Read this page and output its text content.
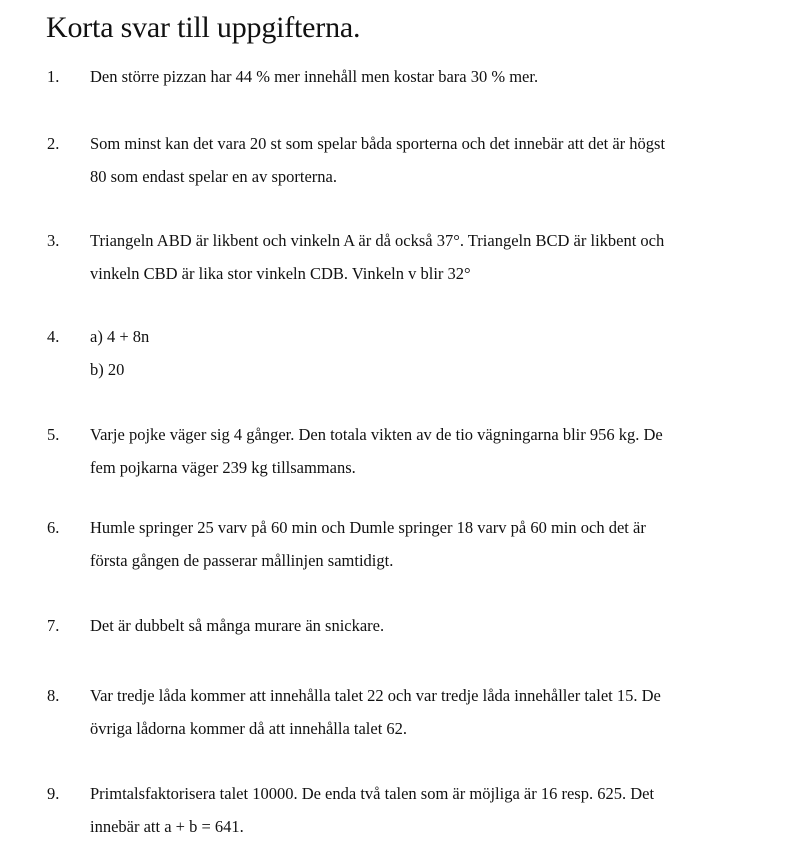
Korta svar till uppgifterna.
1. Den större pizzan har 44 % mer innehåll men kostar bara 30 % mer.
2. Som minst kan det vara 20 st som spelar båda sporterna och det innebär att det är högst
80 som endast spelar en av sporterna.
3. Triangeln ABD är likbent och vinkeln A är då också 37°. Triangeln BCD är likbent och
vinkeln CBD är lika stor vinkeln CDB. Vinkeln v blir 32°
4. a) 4 + 8n
b) 20
5. Varje pojke väger sig 4 gånger. Den totala vikten av de tio vägningarna blir 956 kg. De
fem pojkarna väger 239 kg tillsammans.
6. Humle springer 25 varv på 60 min och Dumle springer 18 varv på 60 min och det är
första gången de passerar mållinjen samtidigt.
7. Det är dubbelt så många murare än snickare.
8. Var tredje låda kommer att innehålla talet 22 och var tredje låda innehåller talet 15. De
övriga lådorna kommer då att innehålla talet 62.
9. Primtalsfaktorisera talet 10000. De enda två talen som är möjliga är 16 resp. 625. Det
innebär att a + b = 641.
